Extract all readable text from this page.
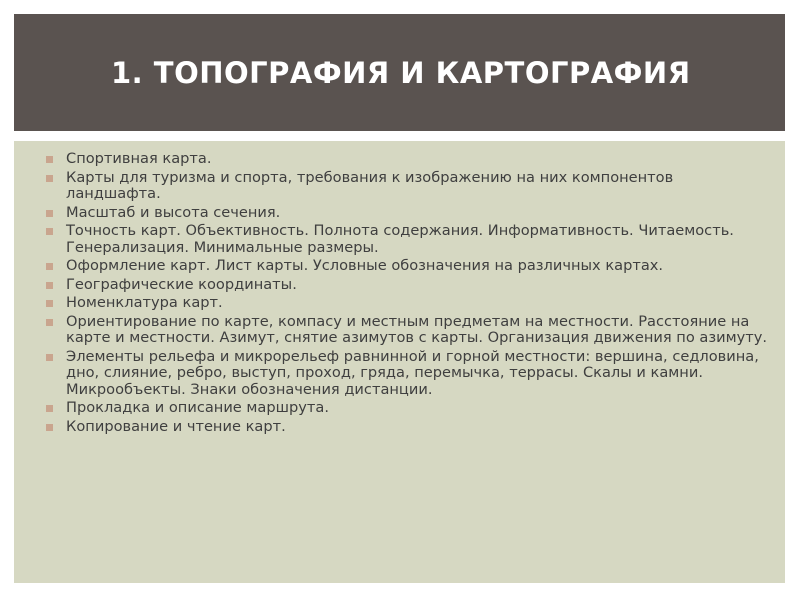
1. ТОПОГРАФИЯ И КАРТОГРАФИЯ
Спортивная карта.
Карты для туризма и спорта, требования к изображению на них компонентов ландшафта.
Масштаб и высота сечения.
Точность карт. Объективность. Полнота содержания. Информативность. Читаемость. Генерализация. Минимальные размеры.
Оформление карт. Лист карты. Условные обозначения на различных картах.
Географические координаты.
Номенклатура карт.
Ориентирование по карте, компасу и местным предметам на местности. Расстояние на карте и местности. Азимут, снятие азимутов с карты. Организация движения по азимуту.
Элементы рельефа и микрорельеф равнинной и горной местности: вершина, седловина, дно, слияние, ребро, выступ, проход, гряда, перемычка, террасы. Скалы и камни. Микрообъекты. Знаки обозначения дистанции.
Прокладка и описание маршрута.
Копирование и чтение карт.
